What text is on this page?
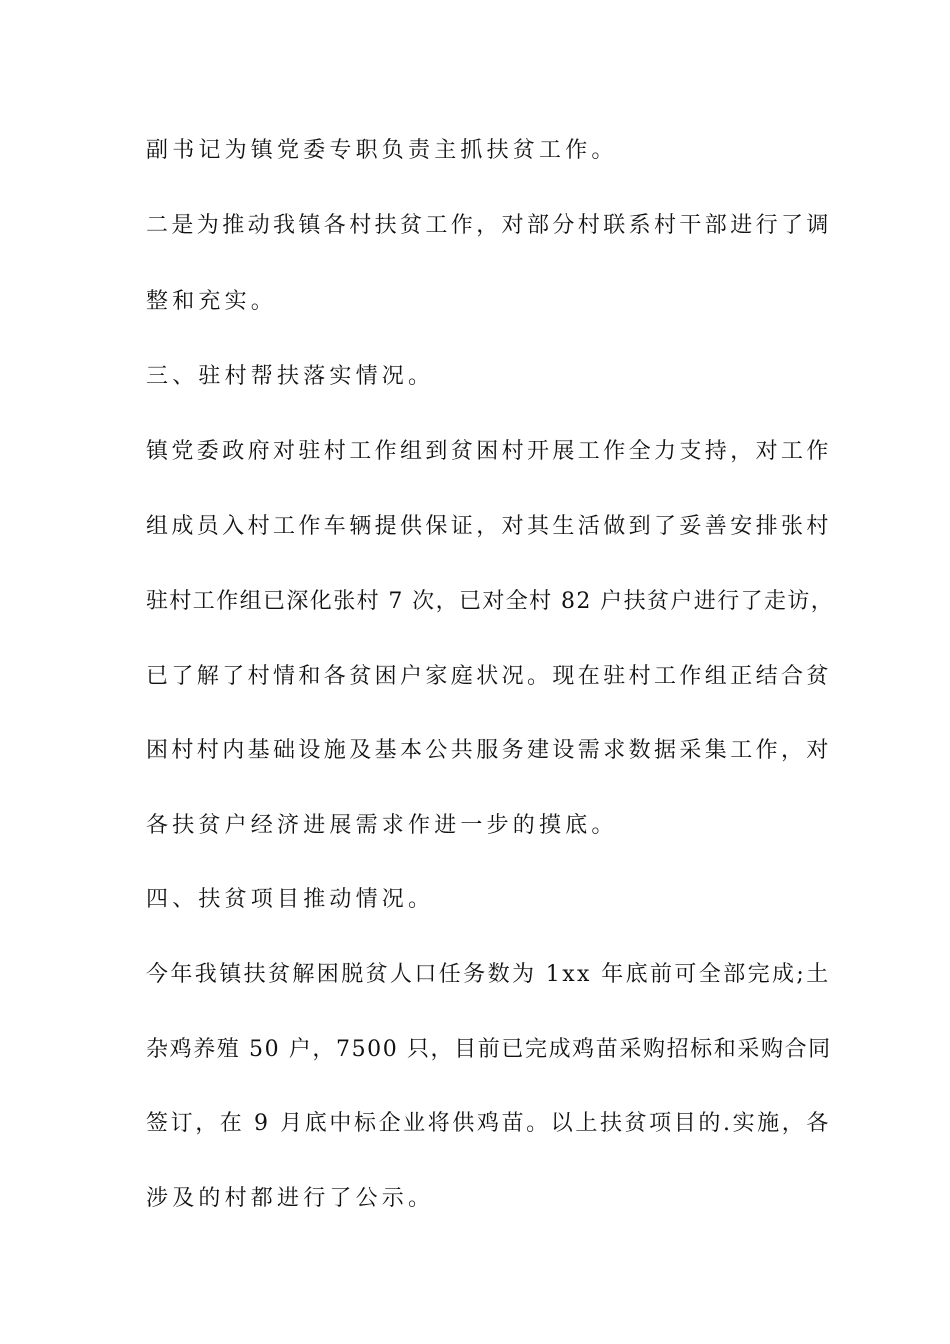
副书记为镇党委专职负责主抓扶贫工作。
二是为推动我镇各村扶贫工作，对部分村联系村干部进行了调
整和充实。
三、驻村帮扶落实情况。
镇党委政府对驻村工作组到贫困村开展工作全力支持，对工作
组成员入村工作车辆提供保证，对其生活做到了妥善安排张村
驻村工作组已深化张村 7 次，已对全村 82 户扶贫户进行了走访，
已了解了村情和各贫困户家庭状况。现在驻村工作组正结合贫
困村村内基础设施及基本公共服务建设需求数据采集工作，对
各扶贫户经济进展需求作进一步的摸底。
四、扶贫项目推动情况。
今年我镇扶贫解困脱贫人口任务数为 1xx 年底前可全部完成;土
杂鸡养殖 50 户，7500 只，目前已完成鸡苗采购招标和采购合同
签订，在 9 月底中标企业将供鸡苗。以上扶贫项目的.实施，各
涉及的村都进行了公示。
